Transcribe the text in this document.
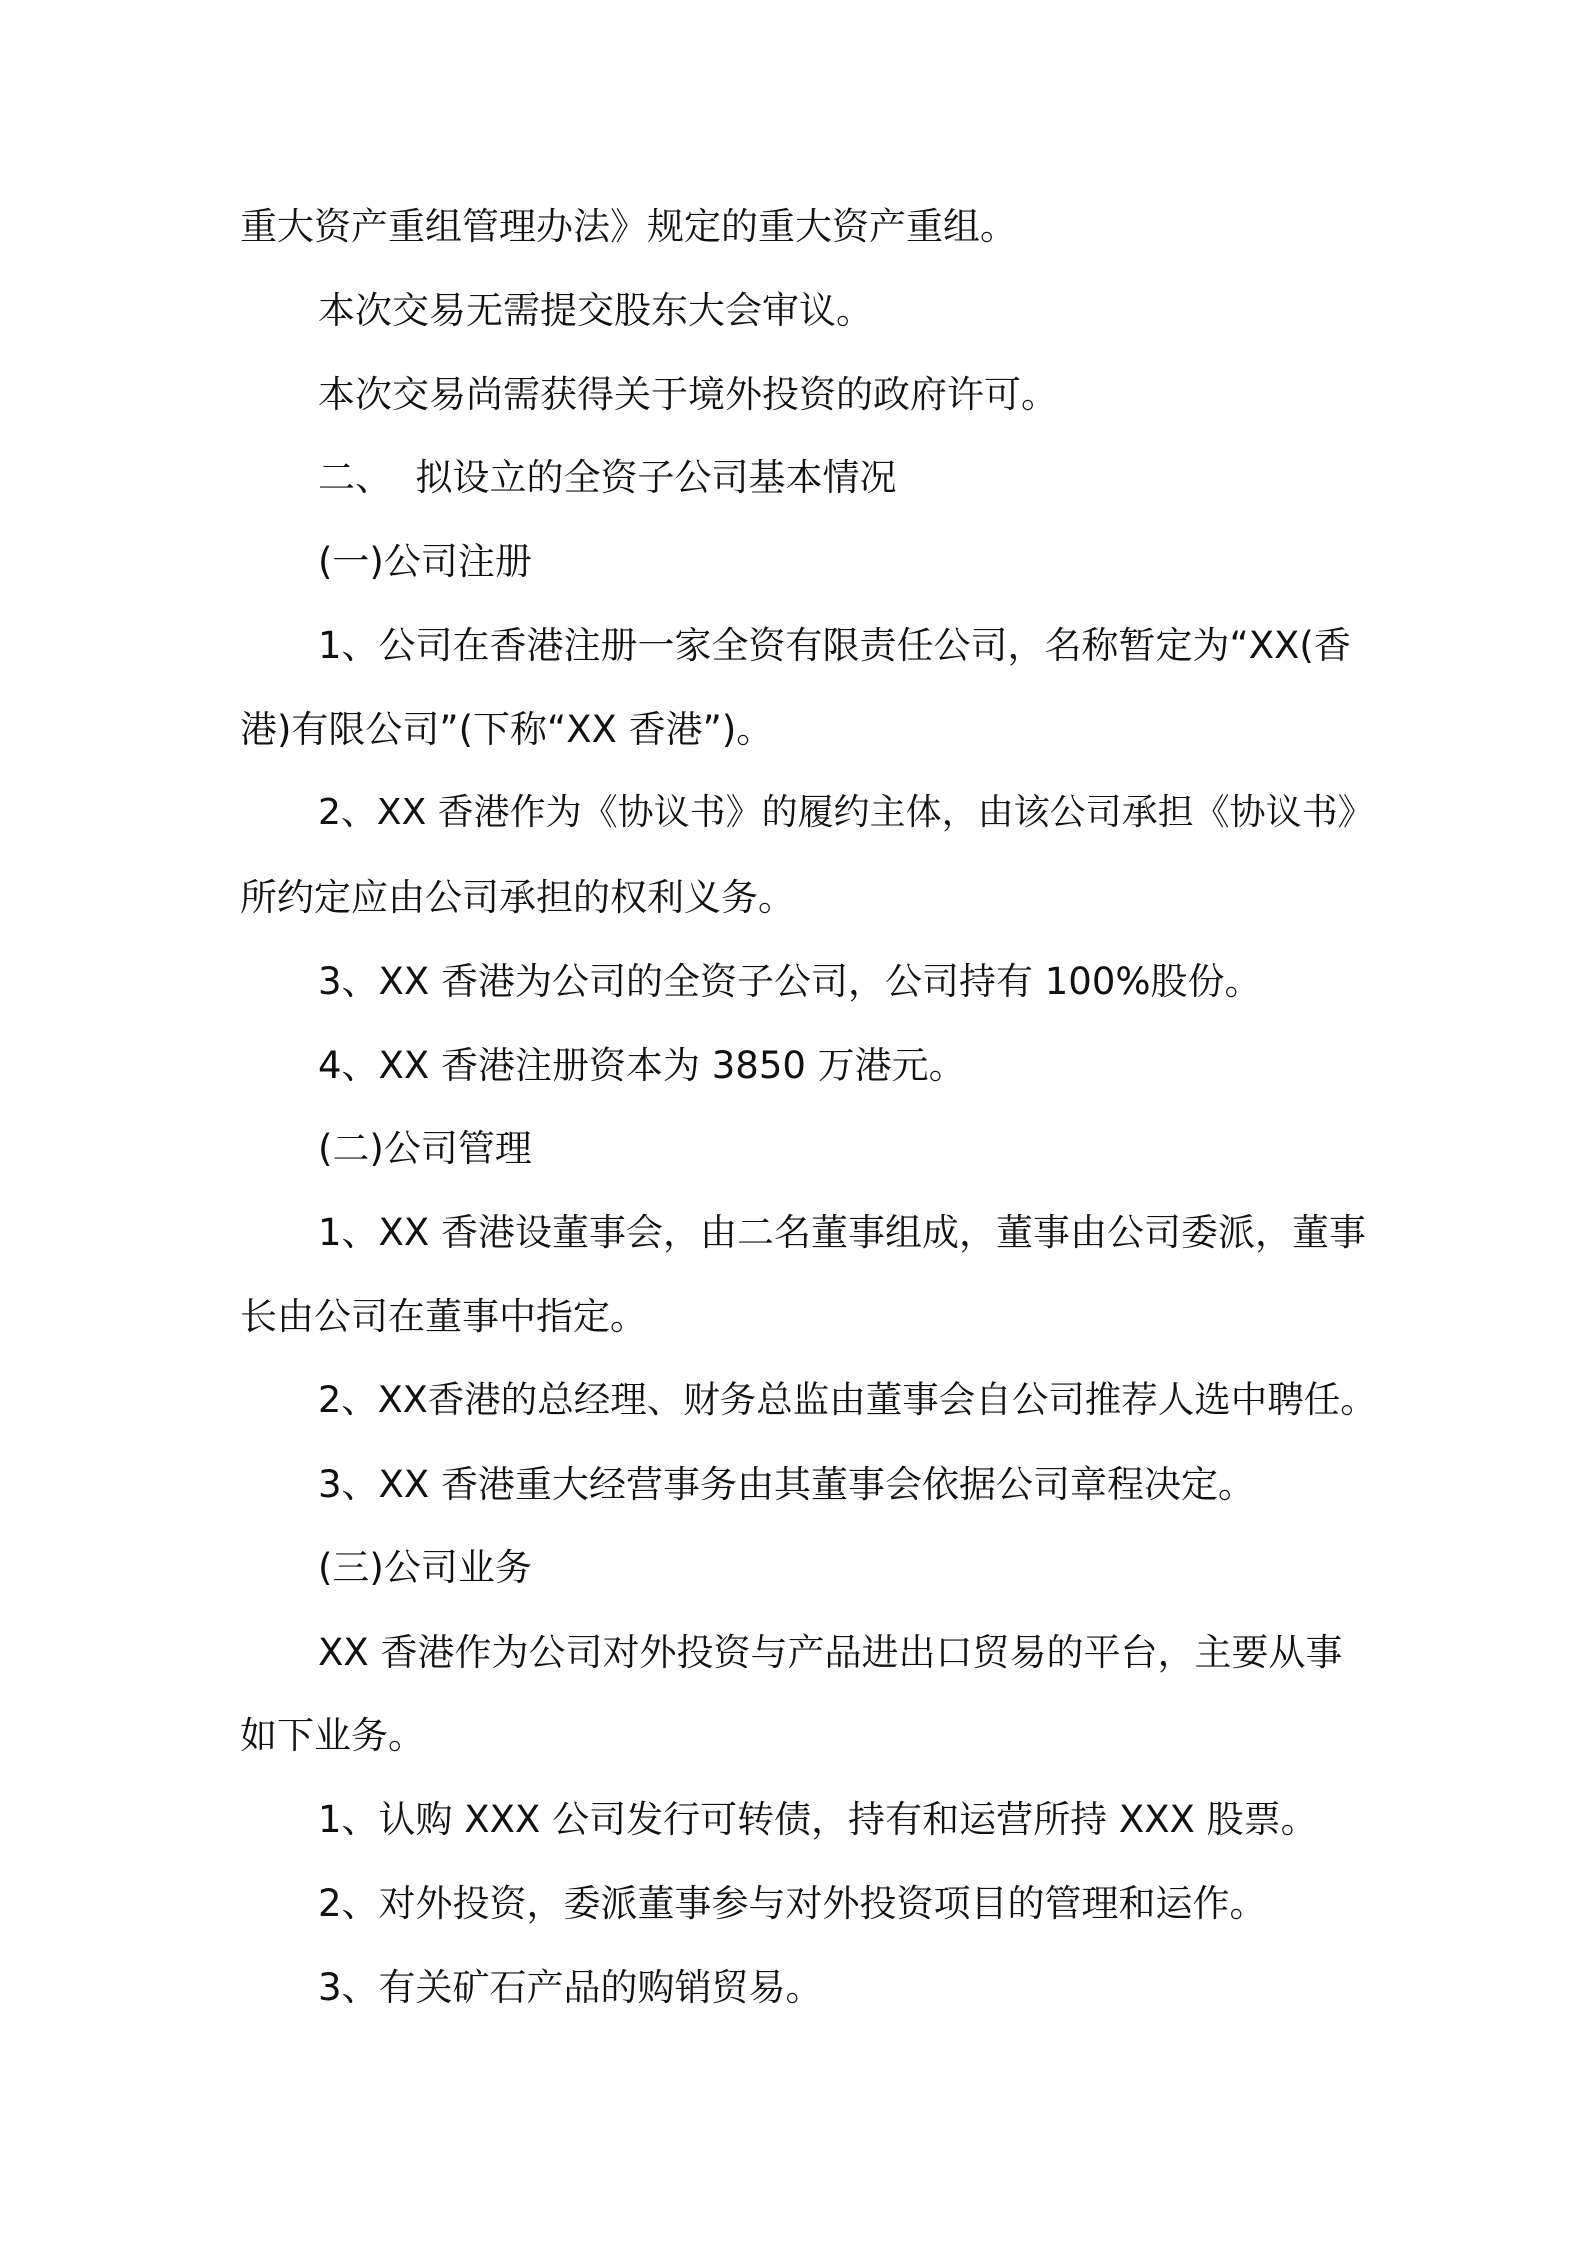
重大资产重组管理办法》规定的重大资产重组。
本次交易无需提交股东大会审议。
本次交易尚需获得关于境外投资的政府许可。
二、  拟设立的全资子公司基本情况
(一)公司注册
1、公司在香港注册一家全资有限责任公司，名称暂定为“XX(香
港)有限公司”(下称“XX 香港”)。
2、XX 香港作为《协议书》的履约主体，由该公司承担《协议书》
所约定应由公司承担的权利义务。
3、XX 香港为公司的全资子公司，公司持有 100%股份。
4、XX 香港注册资本为 3850 万港元。
(二)公司管理
1、XX 香港设董事会，由二名董事组成，董事由公司委派，董事
长由公司在董事中指定。
2、XX香港的总经理、财务总监由董事会自公司推荐人选中聘任。
3、XX 香港重大经营事务由其董事会依据公司章程决定。
(三)公司业务
XX 香港作为公司对外投资与产品进出口贸易的平台，主要从事
如下业务。
1、认购 XXX 公司发行可转债，持有和运营所持 XXX 股票。
2、对外投资，委派董事参与对外投资项目的管理和运作。
3、有关矿石产品的购销贸易。
